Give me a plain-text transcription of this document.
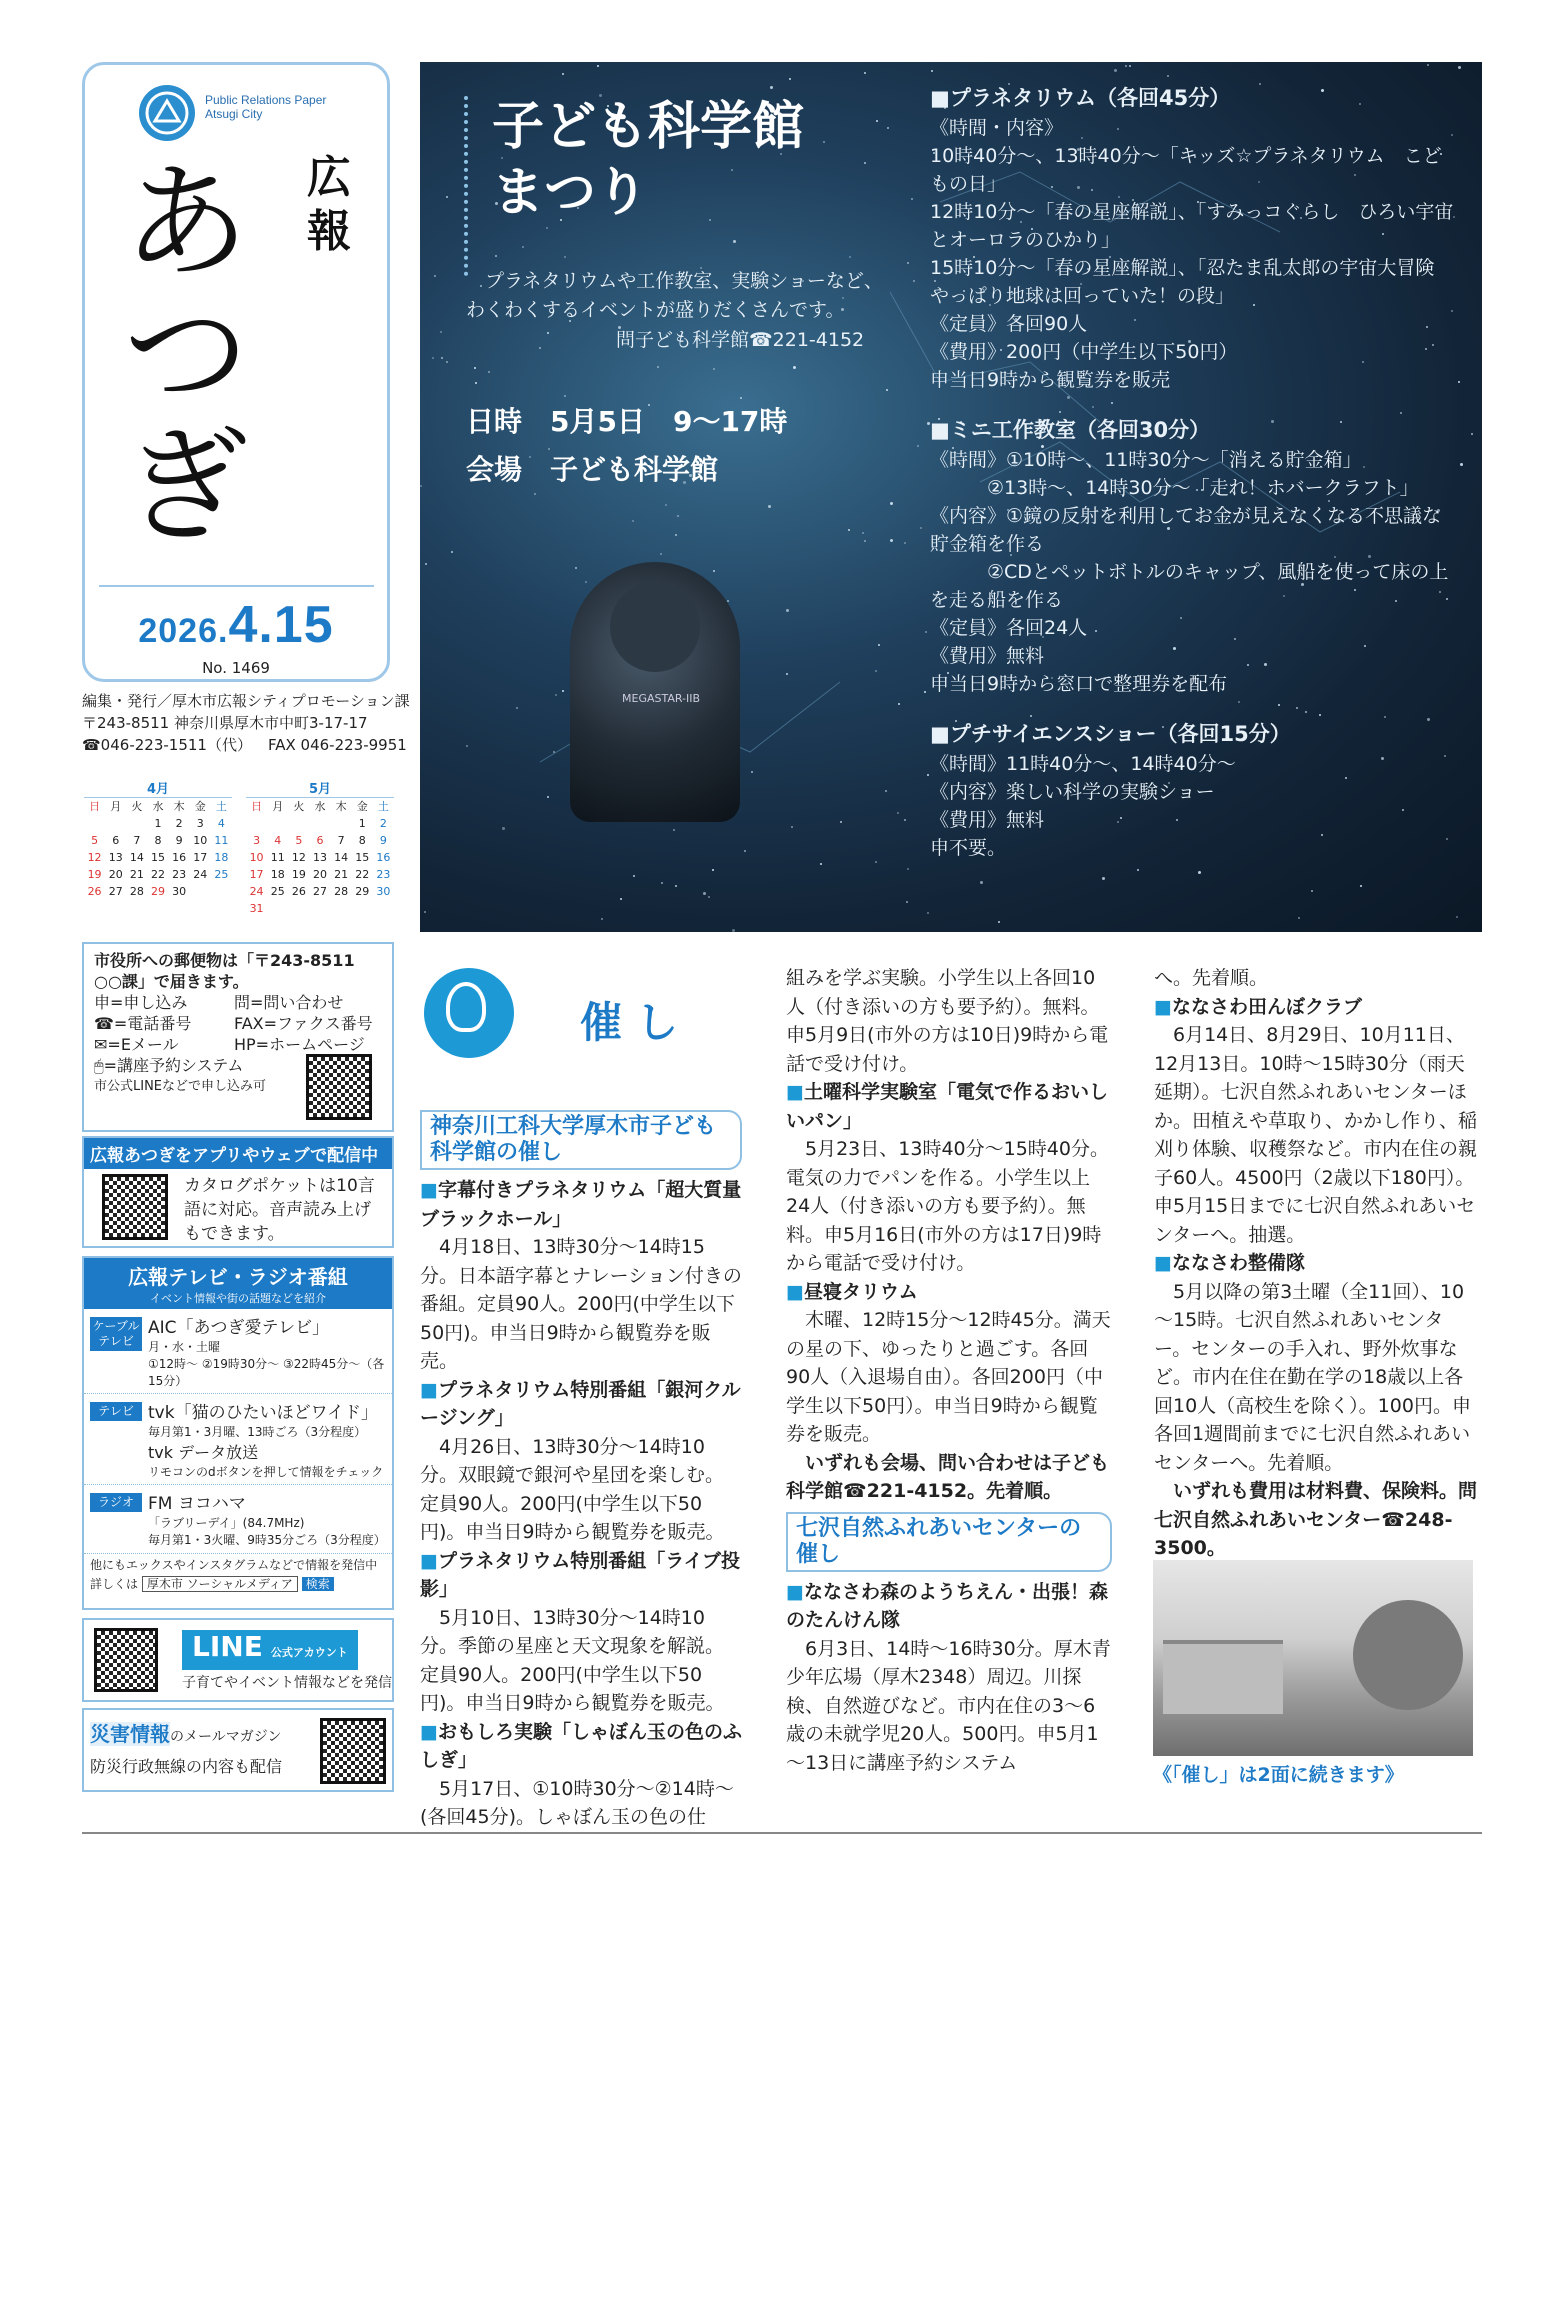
Public Relations Paper
Atsugi City
あつぎ
広報
2026.4.15
No. 1469
編集・発行／厚木市広報シティプロモーション課
〒243-8511 神奈川県厚木市中町3-17-17
☎046-223-1511（代） FAX 046-223-9951
4月
日	月	火	水	木	金	土
			1	2	3	4
5	6	7	8	9	10	11
12	13	14	15	16	17	18
19	20	21	22	23	24	25
26	27	28	29	30		
5月
日	月	火	水	木	金	土
					1	2
3	4	5	6	7	8	9
10	11	12	13	14	15	16
17	18	19	20	21	22	23
24	25	26	27	28	29	30
31						
市役所への郵便物は「〒243-8511
○○課」で届きます。
申=申し込み	問=問い合わせ
☎=電話番号	FAX=ファクス番号
✉=Eメール	HP=ホームページ
🖱=講座予約システム
市公式LINEなどで申し込み可
広報あつぎをアプリやウェブで配信中
カタログポケットは10言語に対応。音声読み上げもできます。
広報テレビ・ラジオ番組
イベント情報や街の話題などを紹介
ケーブルテレビ
AIC「あつぎ愛テレビ」
月・水・土曜
①12時～ ②19時30分～ ③22時45分～（各15分）
テレビ tvk「猫のひたいほどワイド」
毎月第1・3月曜、13時ごろ（3分程度）
tvk データ放送
リモコンのdボタンを押して情報をチェック
ラジオ FM ヨコハマ
「ラブリーデイ」(84.7MHz)
毎月第1・3火曜、9時35分ごろ（3分程度）
他にもエックスやインスタグラムなどで情報を発信中
詳しくは 厚木市 ソーシャルメディア 検索
LINE 公式アカウント
子育てやイベント情報などを発信
災害情報のメールマガジン
防災行政無線の内容も配信
子ども科学館
まつり
プラネタリウムや工作教室、実験ショーなど、わくわくするイベントが盛りだくさんです。
問子ども科学館☎221-4152
日時　5月5日　9～17時
会場　子ども科学館
MEGASTAR-IIB
■ プラネタリウム（各回45分）
《時間・内容》
10時40分～、13時40分～「キッズ☆プラネタリウム　こどもの日」
12時10分～「春の星座解説」、「すみっコぐらし　ひろい宇宙とオーロラのひかり」
15時10分～「春の星座解説」、「忍たま乱太郎の宇宙大冒険　やっぱり地球は回っていた！の段」
《定員》各回90人
《費用》200円（中学生以下50円）
申当日9時から観覧券を販売
■ ミニ工作教室（各回30分）
《時間》①10時～、11時30分～「消える貯金箱」
　　　②13時～、14時30分～「走れ！ホバークラフト」
《内容》①鏡の反射を利用してお金が見えなくなる不思議な貯金箱を作る
　　　②CDとペットボトルのキャップ、風船を使って床の上を走る船を作る
《定員》各回24人
《費用》無料
申当日9時から窓口で整理券を配布
■ プチサイエンスショー（各回15分）
《時間》11時40分～、14時40分～
《内容》楽しい科学の実験ショー
《費用》無料
申不要。
催し
神奈川工科大学厚木市子ども科学館の催し

■ 字幕付きプラネタリウム「超大質量ブラックホール」

4月18日、13時30分～14時15分。日本語字幕とナレーション付きの番組。定員90人。200円(中学生以下50円)。申当日9時から観覧券を販売。

■ プラネタリウム特別番組「銀河クルージング」

4月26日、13時30分～14時10分。双眼鏡で銀河や星団を楽しむ。定員90人。200円(中学生以下50円)。申当日9時から観覧券を販売。

■ プラネタリウム特別番組「ライブ投影」

5月10日、13時30分～14時10分。季節の星座と天文現象を解説。定員90人。200円(中学生以下50円)。申当日9時から観覧券を販売。

■ おもしろ実験「しゃぼん玉の色のふしぎ」

5月17日、①10時30分～②14時～(各回45分)。しゃぼん玉の色の仕

組みを学ぶ実験。小学生以上各回10人（付き添いの方も要予約）。無料。申5月9日(市外の方は10日)9時から電話で受け付け。

■ 土曜科学実験室「電気で作るおいしいパン」

5月23日、13時40分～15時40分。電気の力でパンを作る。小学生以上24人（付き添いの方も要予約）。無料。申5月16日(市外の方は17日)9時から電話で受け付け。

■ 昼寝タリウム

木曜、12時15分～12時45分。満天の星の下、ゆったりと過ごす。各回90人（入退場自由）。各回200円（中学生以下50円）。申当日9時から観覧券を販売。

いずれも会場、問い合わせは子ども科学館☎221-4152。先着順。

七沢自然ふれあいセンターの催し

■ ななさわ森のようちえん・出張！森のたんけん隊

6月3日、14時～16時30分。厚木青少年広場（厚木2348）周辺。川探検、自然遊びなど。市内在住の3～6歳の未就学児20人。500円。申5月1～13日に講座予約システム

へ。先着順。

■ ななさわ田んぼクラブ

6月14日、8月29日、10月11日、12月13日。10時～15時30分（雨天延期）。七沢自然ふれあいセンターほか。田植えや草取り、かかし作り、稲刈り体験、収穫祭など。市内在住の親子60人。4500円（2歳以下180円）。申5月15日までに七沢自然ふれあいセンターへ。抽選。

■ ななさわ整備隊

5月以降の第3土曜（全11回）、10～15時。七沢自然ふれあいセンター。センターの手入れ、野外炊事など。市内在住在勤在学の18歳以上各回10人（高校生を除く）。100円。申各回1週間前までに七沢自然ふれあいセンターへ。先着順。

いずれも費用は材料費、保険料。問七沢自然ふれあいセンター☎248-3500。

《「催し」は2面に続きます》
